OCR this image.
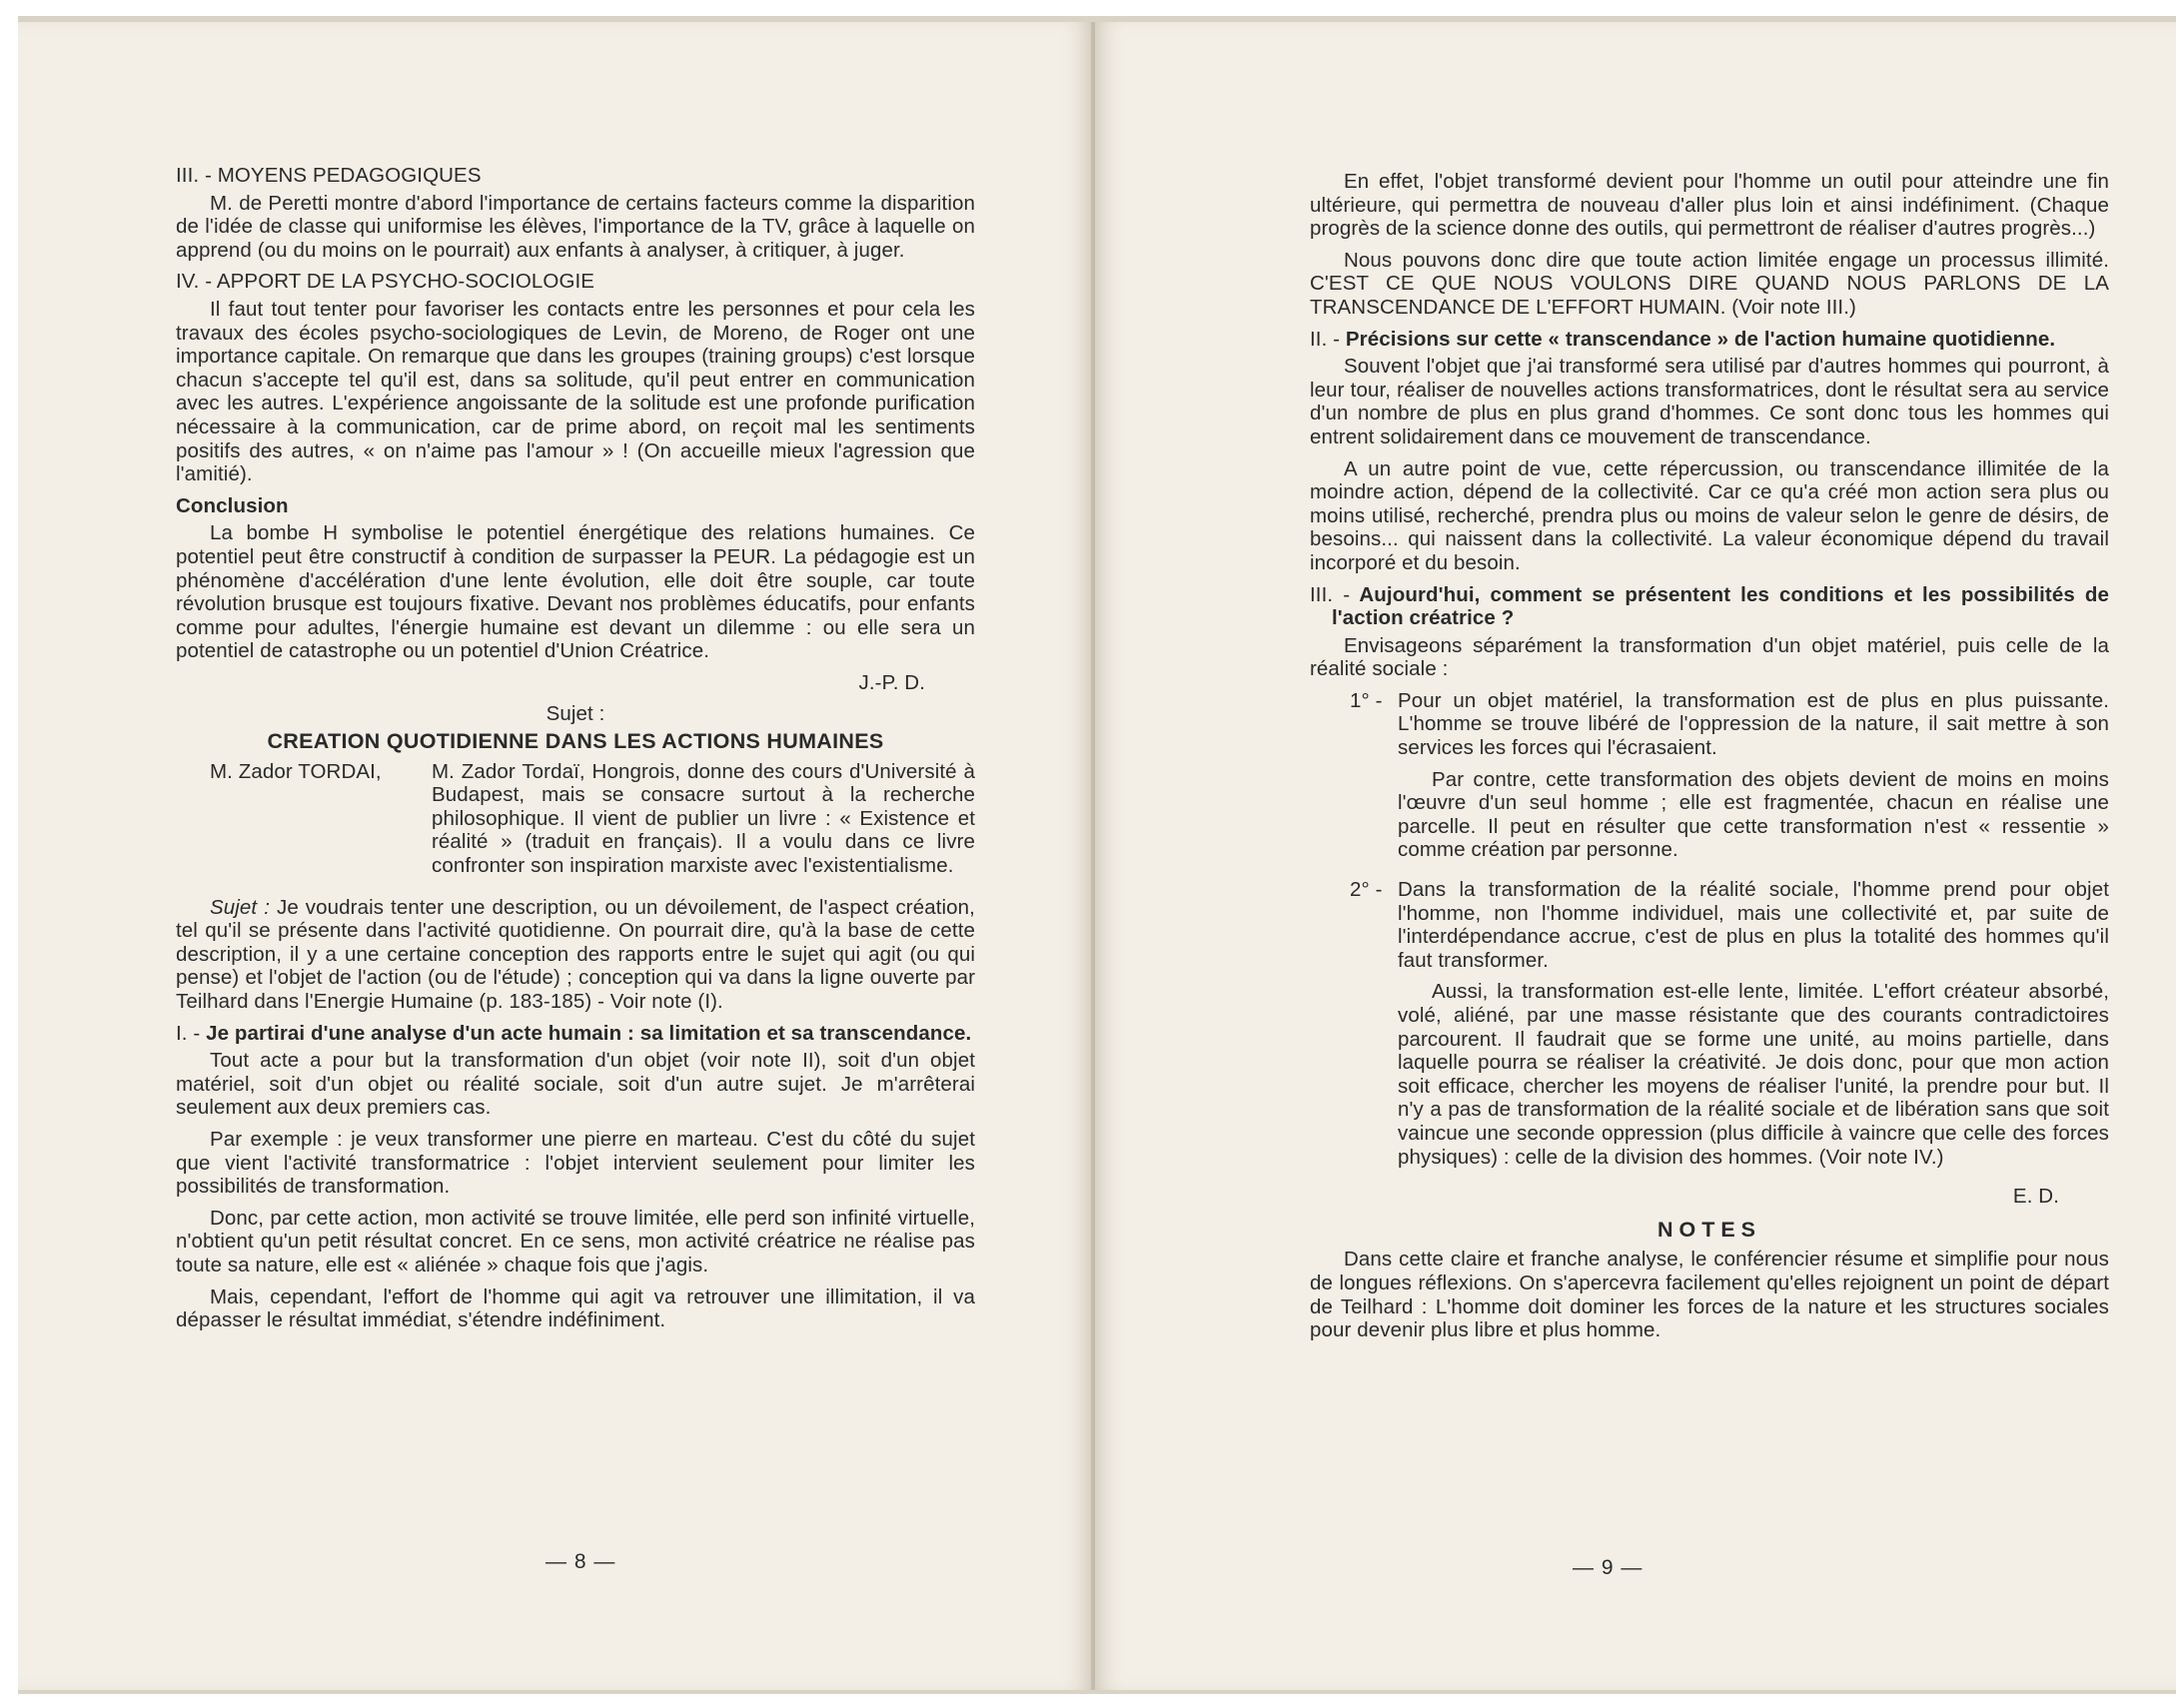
III. - MOYENS PEDAGOGIQUES

M. de Peretti montre d'abord l'importance de certains facteurs comme la disparition de l'idée de classe qui uniformise les élèves, l'importance de la TV, grâce à laquelle on apprend (ou du moins on le pourrait) aux enfants à analyser, à critiquer, à juger.

IV. - APPORT DE LA PSYCHO-SOCIOLOGIE

Il faut tout tenter pour favoriser les contacts entre les personnes et pour cela les travaux des écoles psycho-sociologiques de Levin, de Moreno, de Roger ont une importance capitale. On remarque que dans les groupes (training groups) c'est lorsque chacun s'accepte tel qu'il est, dans sa solitude, qu'il peut entrer en communication avec les autres. L'expérience angoissante de la solitude est une profonde purification nécessaire à la communication, car de prime abord, on reçoit mal les sentiments positifs des autres, « on n'aime pas l'amour » ! (On accueille mieux l'agression que l'amitié).

Conclusion

La bombe H symbolise le potentiel énergétique des relations humaines. Ce potentiel peut être constructif à condition de surpasser la PEUR. La pédagogie est un phénomène d'accélération d'une lente évolution, elle doit être souple, car toute révolution brusque est toujours fixative. Devant nos problèmes éducatifs, pour enfants comme pour adultes, l'énergie humaine est devant un dilemme : ou elle sera un potentiel de catastrophe ou un potentiel d'Union Créatrice.

J.-P. D.
Sujet :
CREATION QUOTIDIENNE DANS LES ACTIONS HUMAINES
M. Zador TORDAI,	M. Zador Tordaï, Hongrois, donne des cours d'Université à Budapest, mais se consacre surtout à la recherche philosophique. Il vient de publier un livre : « Existence et réalité » (traduit en français). Il a voulu dans ce livre confronter son inspiration marxiste avec l'existentialisme.

Sujet : Je voudrais tenter une description, ou un dévoilement, de l'aspect création, tel qu'il se présente dans l'activité quotidienne. On pourrait dire, qu'à la base de cette description, il y a une certaine conception des rapports entre le sujet qui agit (ou qui pense) et l'objet de l'action (ou de l'étude) ; conception qui va dans la ligne ouverte par Teilhard dans l'Energie Humaine (p. 183-185) - Voir note (I).

I. - Je partirai d'une analyse d'un acte humain : sa limitation et sa transcendance.

Tout acte a pour but la transformation d'un objet (voir note II), soit d'un objet matériel, soit d'un objet ou réalité sociale, soit d'un autre sujet. Je m'arrêterai seulement aux deux premiers cas.

Par exemple : je veux transformer une pierre en marteau. C'est du côté du sujet que vient l'activité transformatrice : l'objet intervient seulement pour limiter les possibilités de transformation.

Donc, par cette action, mon activité se trouve limitée, elle perd son infinité virtuelle, n'obtient qu'un petit résultat concret. En ce sens, mon activité créatrice ne réalise pas toute sa nature, elle est « aliénée » chaque fois que j'agis.

Mais, cependant, l'effort de l'homme qui agit va retrouver une illimitation, il va dépasser le résultat immédiat, s'étendre indéfiniment.

— 8 —

En effet, l'objet transformé devient pour l'homme un outil pour atteindre une fin ultérieure, qui permettra de nouveau d'aller plus loin et ainsi indéfiniment. (Chaque progrès de la science donne des outils, qui permettront de réaliser d'autres progrès...)

Nous pouvons donc dire que toute action limitée engage un processus illimité. C'EST CE QUE NOUS VOULONS DIRE QUAND NOUS PARLONS DE LA TRANSCENDANCE DE L'EFFORT HUMAIN. (Voir note III.)

II. - Précisions sur cette « transcendance » de l'action humaine quotidienne.

Souvent l'objet que j'ai transformé sera utilisé par d'autres hommes qui pourront, à leur tour, réaliser de nouvelles actions transformatrices, dont le résultat sera au service d'un nombre de plus en plus grand d'hommes. Ce sont donc tous les hommes qui entrent solidairement dans ce mouvement de transcendance.

A un autre point de vue, cette répercussion, ou transcendance illimitée de la moindre action, dépend de la collectivité. Car ce qu'a créé mon action sera plus ou moins utilisé, recherché, prendra plus ou moins de valeur selon le genre de désirs, de besoins... qui naissent dans la collectivité. La valeur économique dépend du travail incorporé et du besoin.

III. - Aujourd'hui, comment se présentent les conditions et les possibilités de l'action créatrice ?

Envisageons séparément la transformation d'un objet matériel, puis celle de la réalité sociale :

1° - Pour un objet matériel, la transformation est de plus en plus puissante. L'homme se trouve libéré de l'oppression de la nature, il sait mettre à son services les forces qui l'écrasaient.
Par contre, cette transformation des objets devient de moins en moins l'œuvre d'un seul homme ; elle est fragmentée, chacun en réalise une parcelle. Il peut en résulter que cette transformation n'est « ressentie » comme création par personne.
2° - Dans la transformation de la réalité sociale, l'homme prend pour objet l'homme, non l'homme individuel, mais une collectivité et, par suite de l'interdépendance accrue, c'est de plus en plus la totalité des hommes qu'il faut transformer.
Aussi, la transformation est-elle lente, limitée. L'effort créateur absorbé, volé, aliéné, par une masse résistante que des courants contradictoires parcourent. Il faudrait que se forme une unité, au moins partielle, dans laquelle pourra se réaliser la créativité. Je dois donc, pour que mon action soit efficace, chercher les moyens de réaliser l'unité, la prendre pour but. Il n'y a pas de transformation de la réalité sociale et de libération sans que soit vaincue une seconde oppression (plus difficile à vaincre que celle des forces physiques) : celle de la division des hommes. (Voir note IV.)
E. D.
NOTES

Dans cette claire et franche analyse, le conférencier résume et simplifie pour nous de longues réflexions. On s'apercevra facilement qu'elles rejoignent un point de départ de Teilhard : L'homme doit dominer les forces de la nature et les structures sociales pour devenir plus libre et plus homme.

— 9 —
